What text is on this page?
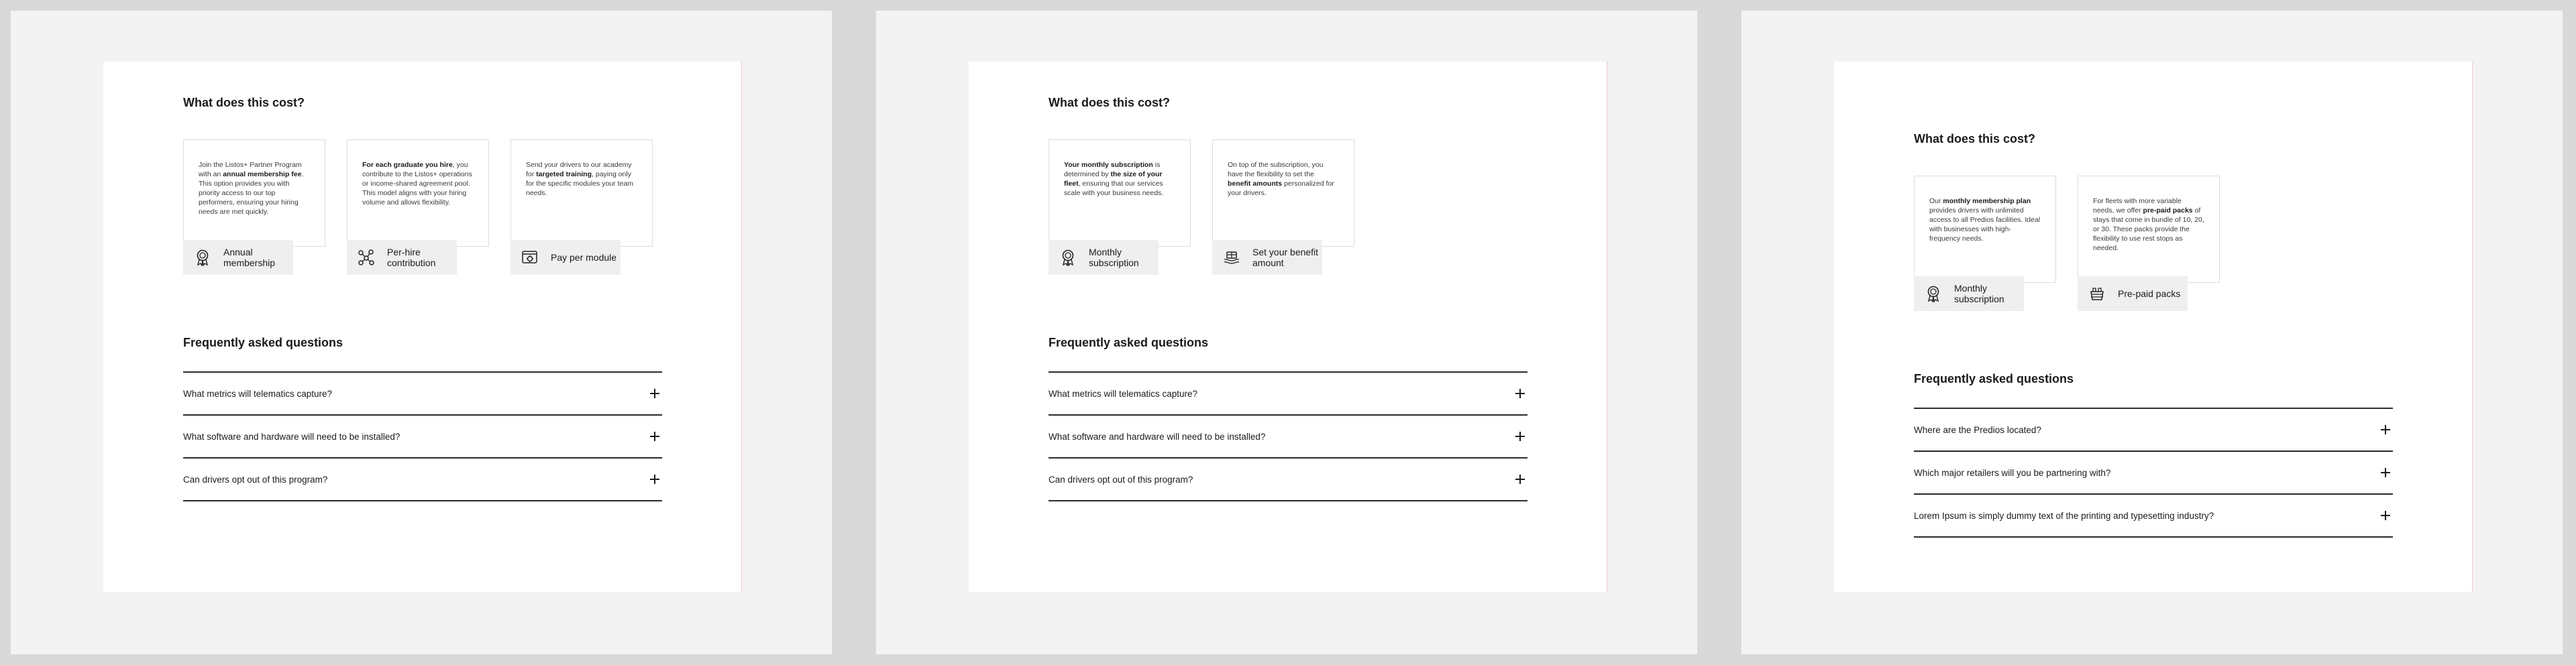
What does this cost?
Join the Listos+ Partner Program with an annual membership fee. This option provides you with priority access to our top performers, ensuring your hiring needs are met quickly.
Annual membership
For each graduate you hire, you contribute to the Listos+ operations or income-shared agreement pool. This model aligns with your hiring volume and allows flexibility.
Per-hire contribution
Send your drivers to our academy for targeted training, paying only for the specific modules your team needs.
Pay per module
Frequently asked questions
What metrics will telematics capture?
What software and hardware will need to be installed?
Can drivers opt out of this program?
What does this cost?
Your monthly subscription is determined by the size of your fleet, ensuring that our services scale with your business needs.
Monthly subscription
On top of the subscription, you have the flexibility to set the benefit amounts personalized for your drivers.
Set your benefit amount
Frequently asked questions
What metrics will telematics capture?
What software and hardware will need to be installed?
Can drivers opt out of this program?
What does this cost?
Our monthly membership plan provides drivers with unlimited access to all Predios facilities. Ideal with businesses with high-frequency needs.
Monthly subscription
For fleets with more variable needs, we offer pre-paid packs of stays that come in bundle of 10, 20, or 30. These packs provide the flexibility to use rest stops as needed.
Pre-paid packs
Frequently asked questions
Where are the Predios located?
Which major retailers will you be partnering with?
Lorem Ipsum is simply dummy text of the printing and typesetting industry?
